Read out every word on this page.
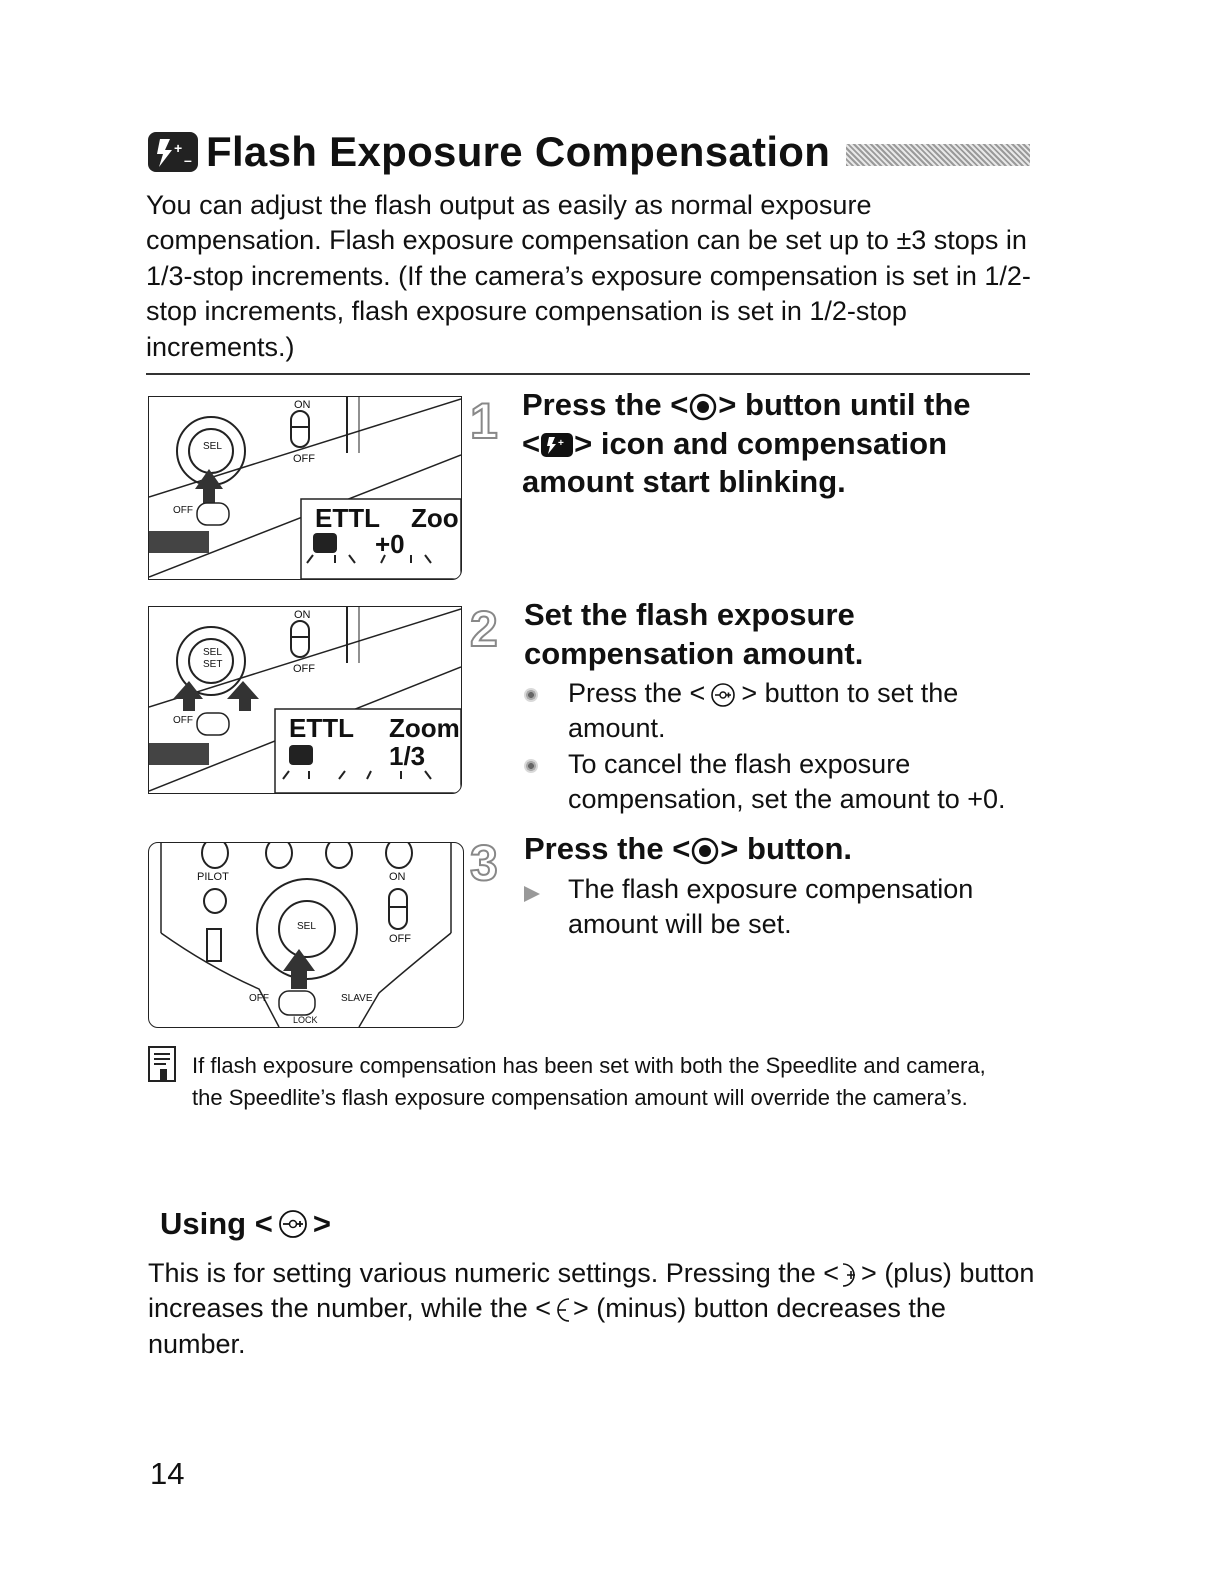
+
– Flash Exposure Compensation
You can adjust the flash output as easily as normal exposure compensation. Flash exposure compensation can be set up to ±3 stops in 1/3-stop increments. (If the camera’s exposure compensation is set in 1/2-stop increments, flash exposure compensation is set in 1/2-stop increments.)
ON
OFF
OFF
SEL
ETTL Zoo
+0
1 Press the < > button until the
< + > icon and compensation
amount start blinking.
ON
OFF
OFF
SEL
SET
ETTL Zoom
1/3
2 Set the flash exposure
compensation amount.
Press the < > button to set the
amount.
To cancel the flash exposure
compensation, set the amount to +0.
PILOT	ON
OFF
SEL
OFF	SLAVE
LOCK
3 Press the < > button.
The flash exposure compensation
amount will be set.
If flash exposure compensation has been set with both the Speedlite and camera, the Speedlite’s flash exposure compensation amount will override the camera’s.
Using < >
This is for setting various numeric settings. Pressing the < > (plus) button increases the number, while the < > (minus) button decreases the number.
14
